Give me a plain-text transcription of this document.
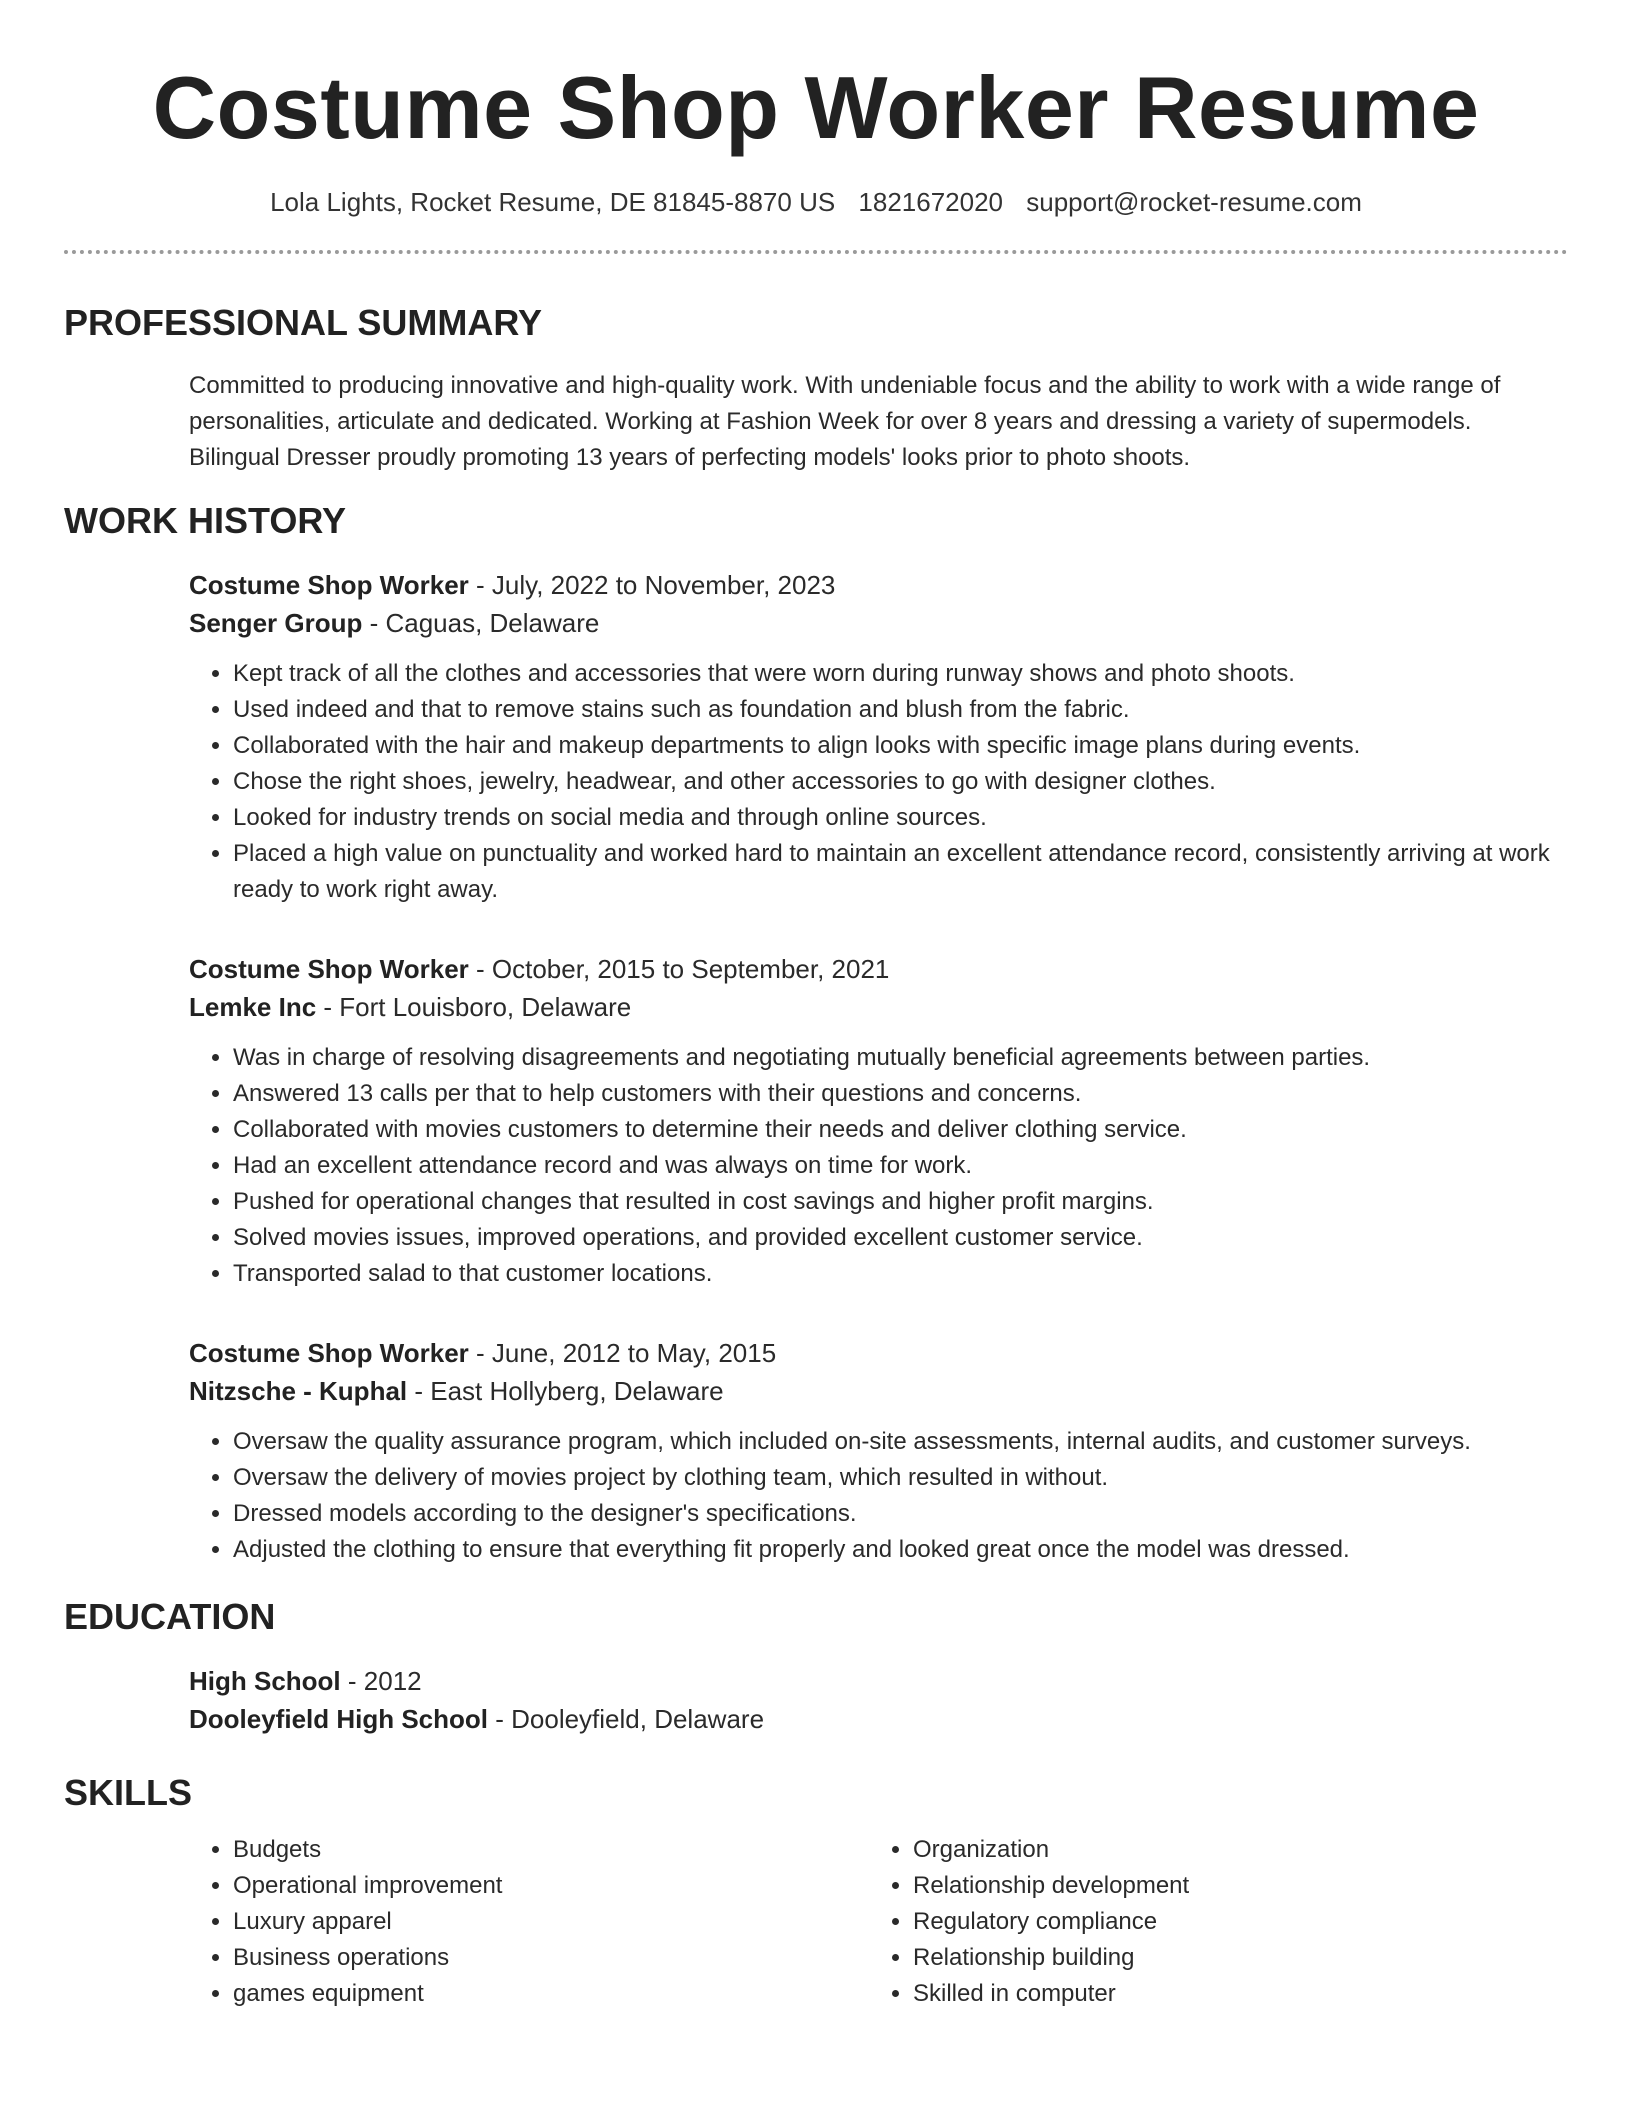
Costume Shop Worker Resume
Lola Lights, Rocket Resume, DE 81845-8870 US 1821672020 support@rocket-resume.com
PROFESSIONAL SUMMARY

Committed to producing innovative and high-quality work. With undeniable focus and the ability to work with a wide range of personalities, articulate and dedicated. Working at Fashion Week for over 8 years and dressing a variety of supermodels. Bilingual Dresser proudly promoting 13 years of perfecting models' looks prior to photo shoots.

WORK HISTORY
Costume Shop Worker - July, 2022 to November, 2023
Senger Group - Caguas, Delaware
• Kept track of all the clothes and accessories that were worn during runway shows and photo shoots.
• Used indeed and that to remove stains such as foundation and blush from the fabric.
• Collaborated with the hair and makeup departments to align looks with specific image plans during events.
• Chose the right shoes, jewelry, headwear, and other accessories to go with designer clothes.
• Looked for industry trends on social media and through online sources.
• Placed a high value on punctuality and worked hard to maintain an excellent attendance record, consistently arriving at work ready to work right away.
Costume Shop Worker - October, 2015 to September, 2021
Lemke Inc - Fort Louisboro, Delaware
• Was in charge of resolving disagreements and negotiating mutually beneficial agreements between parties.
• Answered 13 calls per that to help customers with their questions and concerns.
• Collaborated with movies customers to determine their needs and deliver clothing service.
• Had an excellent attendance record and was always on time for work.
• Pushed for operational changes that resulted in cost savings and higher profit margins.
• Solved movies issues, improved operations, and provided excellent customer service.
• Transported salad to that customer locations.
Costume Shop Worker - June, 2012 to May, 2015
Nitzsche - Kuphal - East Hollyberg, Delaware
• Oversaw the quality assurance program, which included on-site assessments, internal audits, and customer surveys.
• Oversaw the delivery of movies project by clothing team, which resulted in without.
• Dressed models according to the designer's specifications.
• Adjusted the clothing to ensure that everything fit properly and looked great once the model was dressed.
EDUCATION
High School - 2012
Dooleyfield High School - Dooleyfield, Delaware
SKILLS
• Budgets
• Operational improvement
• Luxury apparel
• Business operations
• games equipment
• Organization
• Relationship development
• Regulatory compliance
• Relationship building
• Skilled in computer
